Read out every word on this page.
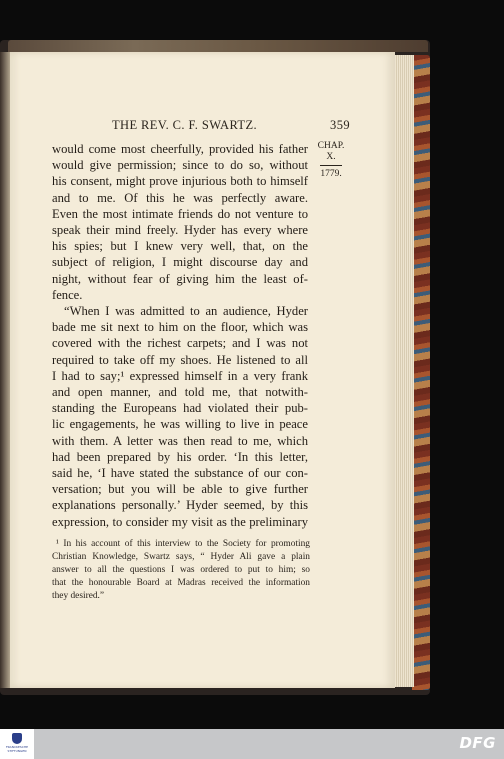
THE REV. C. F. SWARTZ.	359
CHAP.
X.
1779.
would come most cheerfully, provided his father
would give permission; since to do so, without
his consent, might prove injurious both to himself
and to me. Of this he was perfectly aware.
Even the most intimate friends do not venture to
speak their mind freely. Hyder has every where
his spies; but I knew very well, that, on the
subject of religion, I might discourse day and
night, without fear of giving him the least of-
fence.
“When I was admitted to an audience, Hyder
bade me sit next to him on the floor, which was
covered with the richest carpets; and I was not
required to take off my shoes. He listened to all
I had to say;¹ expressed himself in a very frank
and open manner, and told me, that notwith-
standing the Europeans had violated their pub-
lic engagements, he was willing to live in peace
with them. A letter was then read to me, which
had been prepared by his order. ‘In this letter,
said he, ‘I have stated the substance of our con-
versation; but you will be able to give further
explanations personally.’ Hyder seemed, by this
expression, to consider my visit as the preliminary
¹ In his account of this interview to the Society for promoting
Christian Knowledge, Swartz says, “ Hyder Ali gave a plain
answer to all the questions I was ordered to put to him; so
that the honourable Board at Madras received the information
they desired.”
FRANCKESCHE STIFTUNGEN	DFG
